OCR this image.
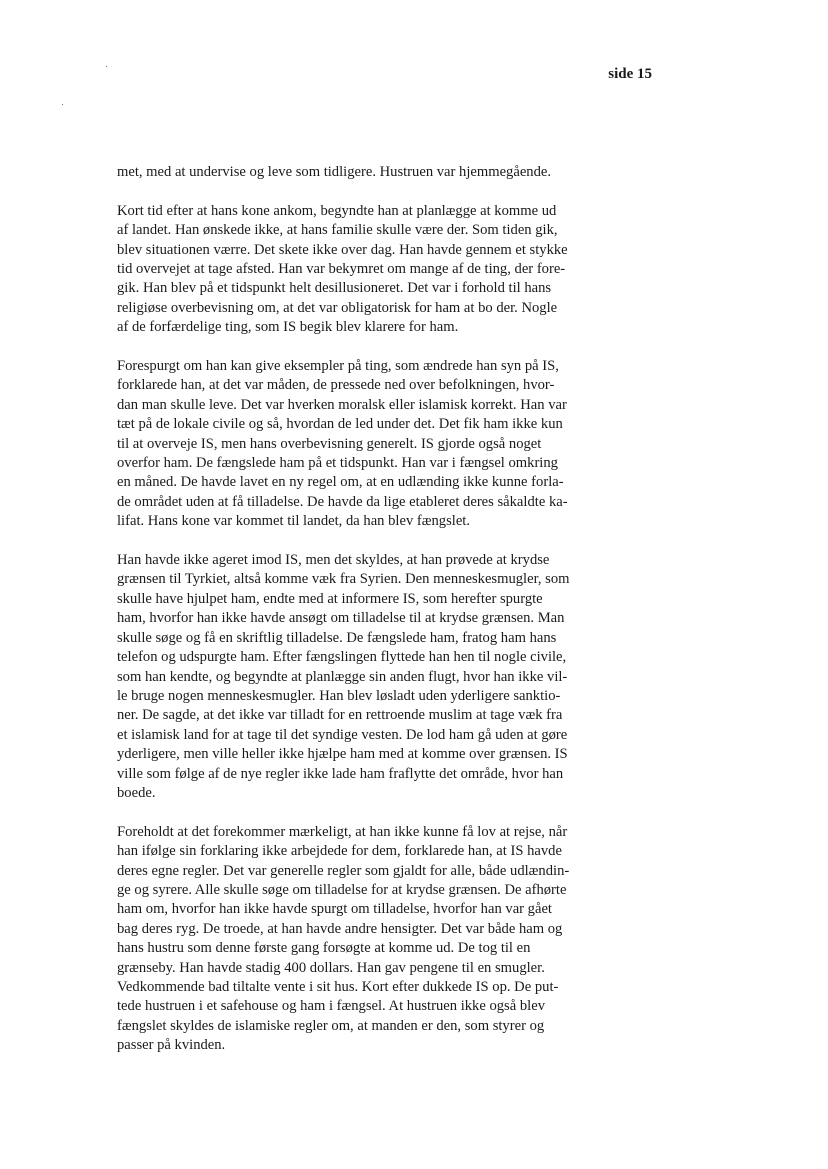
side 15

met, med at undervise og leve som tidligere. Hustruen var hjemmegående.

Kort tid efter at hans kone ankom, begyndte han at planlægge at komme ud
af landet. Han ønskede ikke, at hans familie skulle være der. Som tiden gik,
blev situationen værre. Det skete ikke over dag. Han havde gennem et stykke
tid overvejet at tage afsted. Han var bekymret om mange af de ting, der fore-
gik. Han blev på et tidspunkt helt desillusioneret. Det var i forhold til hans
religiøse overbevisning om, at det var obligatorisk for ham at bo der. Nogle
af de forfærdelige ting, som IS begik blev klarere for ham.

Forespurgt om han kan give eksempler på ting, som ændrede han syn på IS,
forklarede han, at det var måden, de pressede ned over befolkningen, hvor-
dan man skulle leve. Det var hverken moralsk eller islamisk korrekt. Han var
tæt på de lokale civile og så, hvordan de led under det. Det fik ham ikke kun
til at overveje IS, men hans overbevisning generelt. IS gjorde også noget
overfor ham. De fængslede ham på et tidspunkt. Han var i fængsel omkring
en måned. De havde lavet en ny regel om, at en udlænding ikke kunne forla-
de området uden at få tilladelse. De havde da lige etableret deres såkaldte ka-
lifat. Hans kone var kommet til landet, da han blev fængslet.

Han havde ikke ageret imod IS, men det skyldes, at han prøvede at krydse
grænsen til Tyrkiet, altså komme væk fra Syrien. Den menneskesmugler, som
skulle have hjulpet ham, endte med at informere IS, som herefter spurgte
ham, hvorfor han ikke havde ansøgt om tilladelse til at krydse grænsen. Man
skulle søge og få en skriftlig tilladelse. De fængslede ham, fratog ham hans
telefon og udspurgte ham. Efter fængslingen flyttede han hen til nogle civile,
som han kendte, og begyndte at planlægge sin anden flugt, hvor han ikke vil-
le bruge nogen menneskesmugler. Han blev løsladt uden yderligere sanktio-
ner. De sagde, at det ikke var tilladt for en rettroende muslim at tage væk fra
et islamisk land for at tage til det syndige vesten. De lod ham gå uden at gøre
yderligere, men ville heller ikke hjælpe ham med at komme over grænsen. IS
ville som følge af de nye regler ikke lade ham fraflytte det område, hvor han
boede.

Foreholdt at det forekommer mærkeligt, at han ikke kunne få lov at rejse, når
han ifølge sin forklaring ikke arbejdede for dem, forklarede han, at IS havde
deres egne regler. Det var generelle regler som gjaldt for alle, både udlændin-
ge og syrere. Alle skulle søge om tilladelse for at krydse grænsen. De afhørte
ham om, hvorfor han ikke havde spurgt om tilladelse, hvorfor han var gået
bag deres ryg. De troede, at han havde andre hensigter. Det var både ham og
hans hustru som denne første gang forsøgte at komme ud. De tog til en
grænseby. Han havde stadig 400 dollars. Han gav pengene til en smugler.
Vedkommende bad tiltalte vente i sit hus. Kort efter dukkede IS op. De put-
tede hustruen i et safehouse og ham i fængsel. At hustruen ikke også blev
fængslet skyldes de islamiske regler om, at manden er den, som styrer og
passer på kvinden.
